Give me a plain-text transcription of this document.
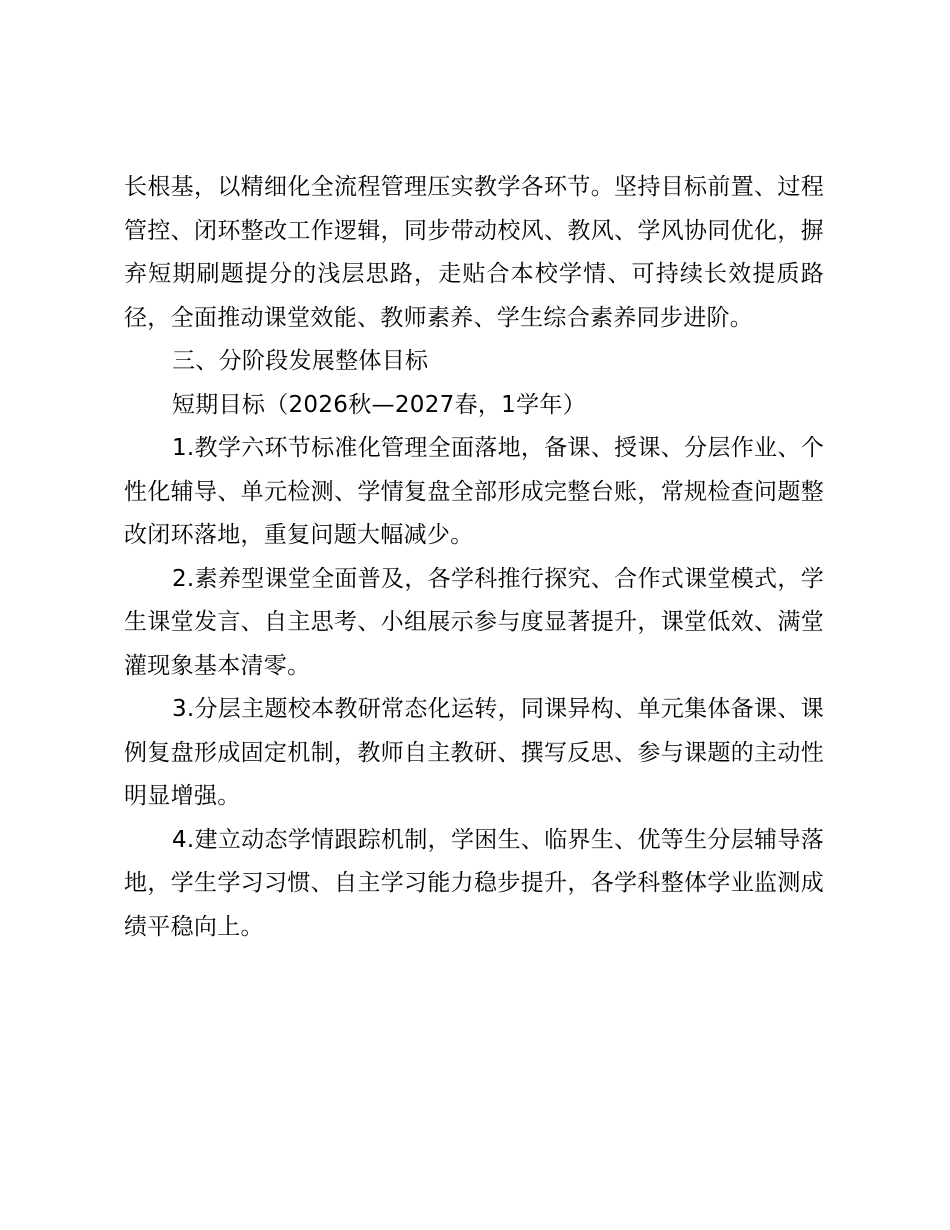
长根基，以精细化全流程管理压实教学各环节。坚持目标前置、过程管控、闭环整改工作逻辑，同步带动校风、教风、学风协同优化，摒弃短期刷题提分的浅层思路，走贴合本校学情、可持续长效提质路径，全面推动课堂效能、教师素养、学生综合素养同步进阶。

三、分阶段发展整体目标

短期目标（2026秋—2027春，1学年）

1.教学六环节标准化管理全面落地，备课、授课、分层作业、个性化辅导、单元检测、学情复盘全部形成完整台账，常规检查问题整改闭环落地，重复问题大幅减少。

2.素养型课堂全面普及，各学科推行探究、合作式课堂模式，学生课堂发言、自主思考、小组展示参与度显著提升，课堂低效、满堂灌现象基本清零。

3.分层主题校本教研常态化运转，同课异构、单元集体备课、课例复盘形成固定机制，教师自主教研、撰写反思、参与课题的主动性明显增强。

4.建立动态学情跟踪机制，学困生、临界生、优等生分层辅导落地，学生学习习惯、自主学习能力稳步提升，各学科整体学业监测成绩平稳向上。
